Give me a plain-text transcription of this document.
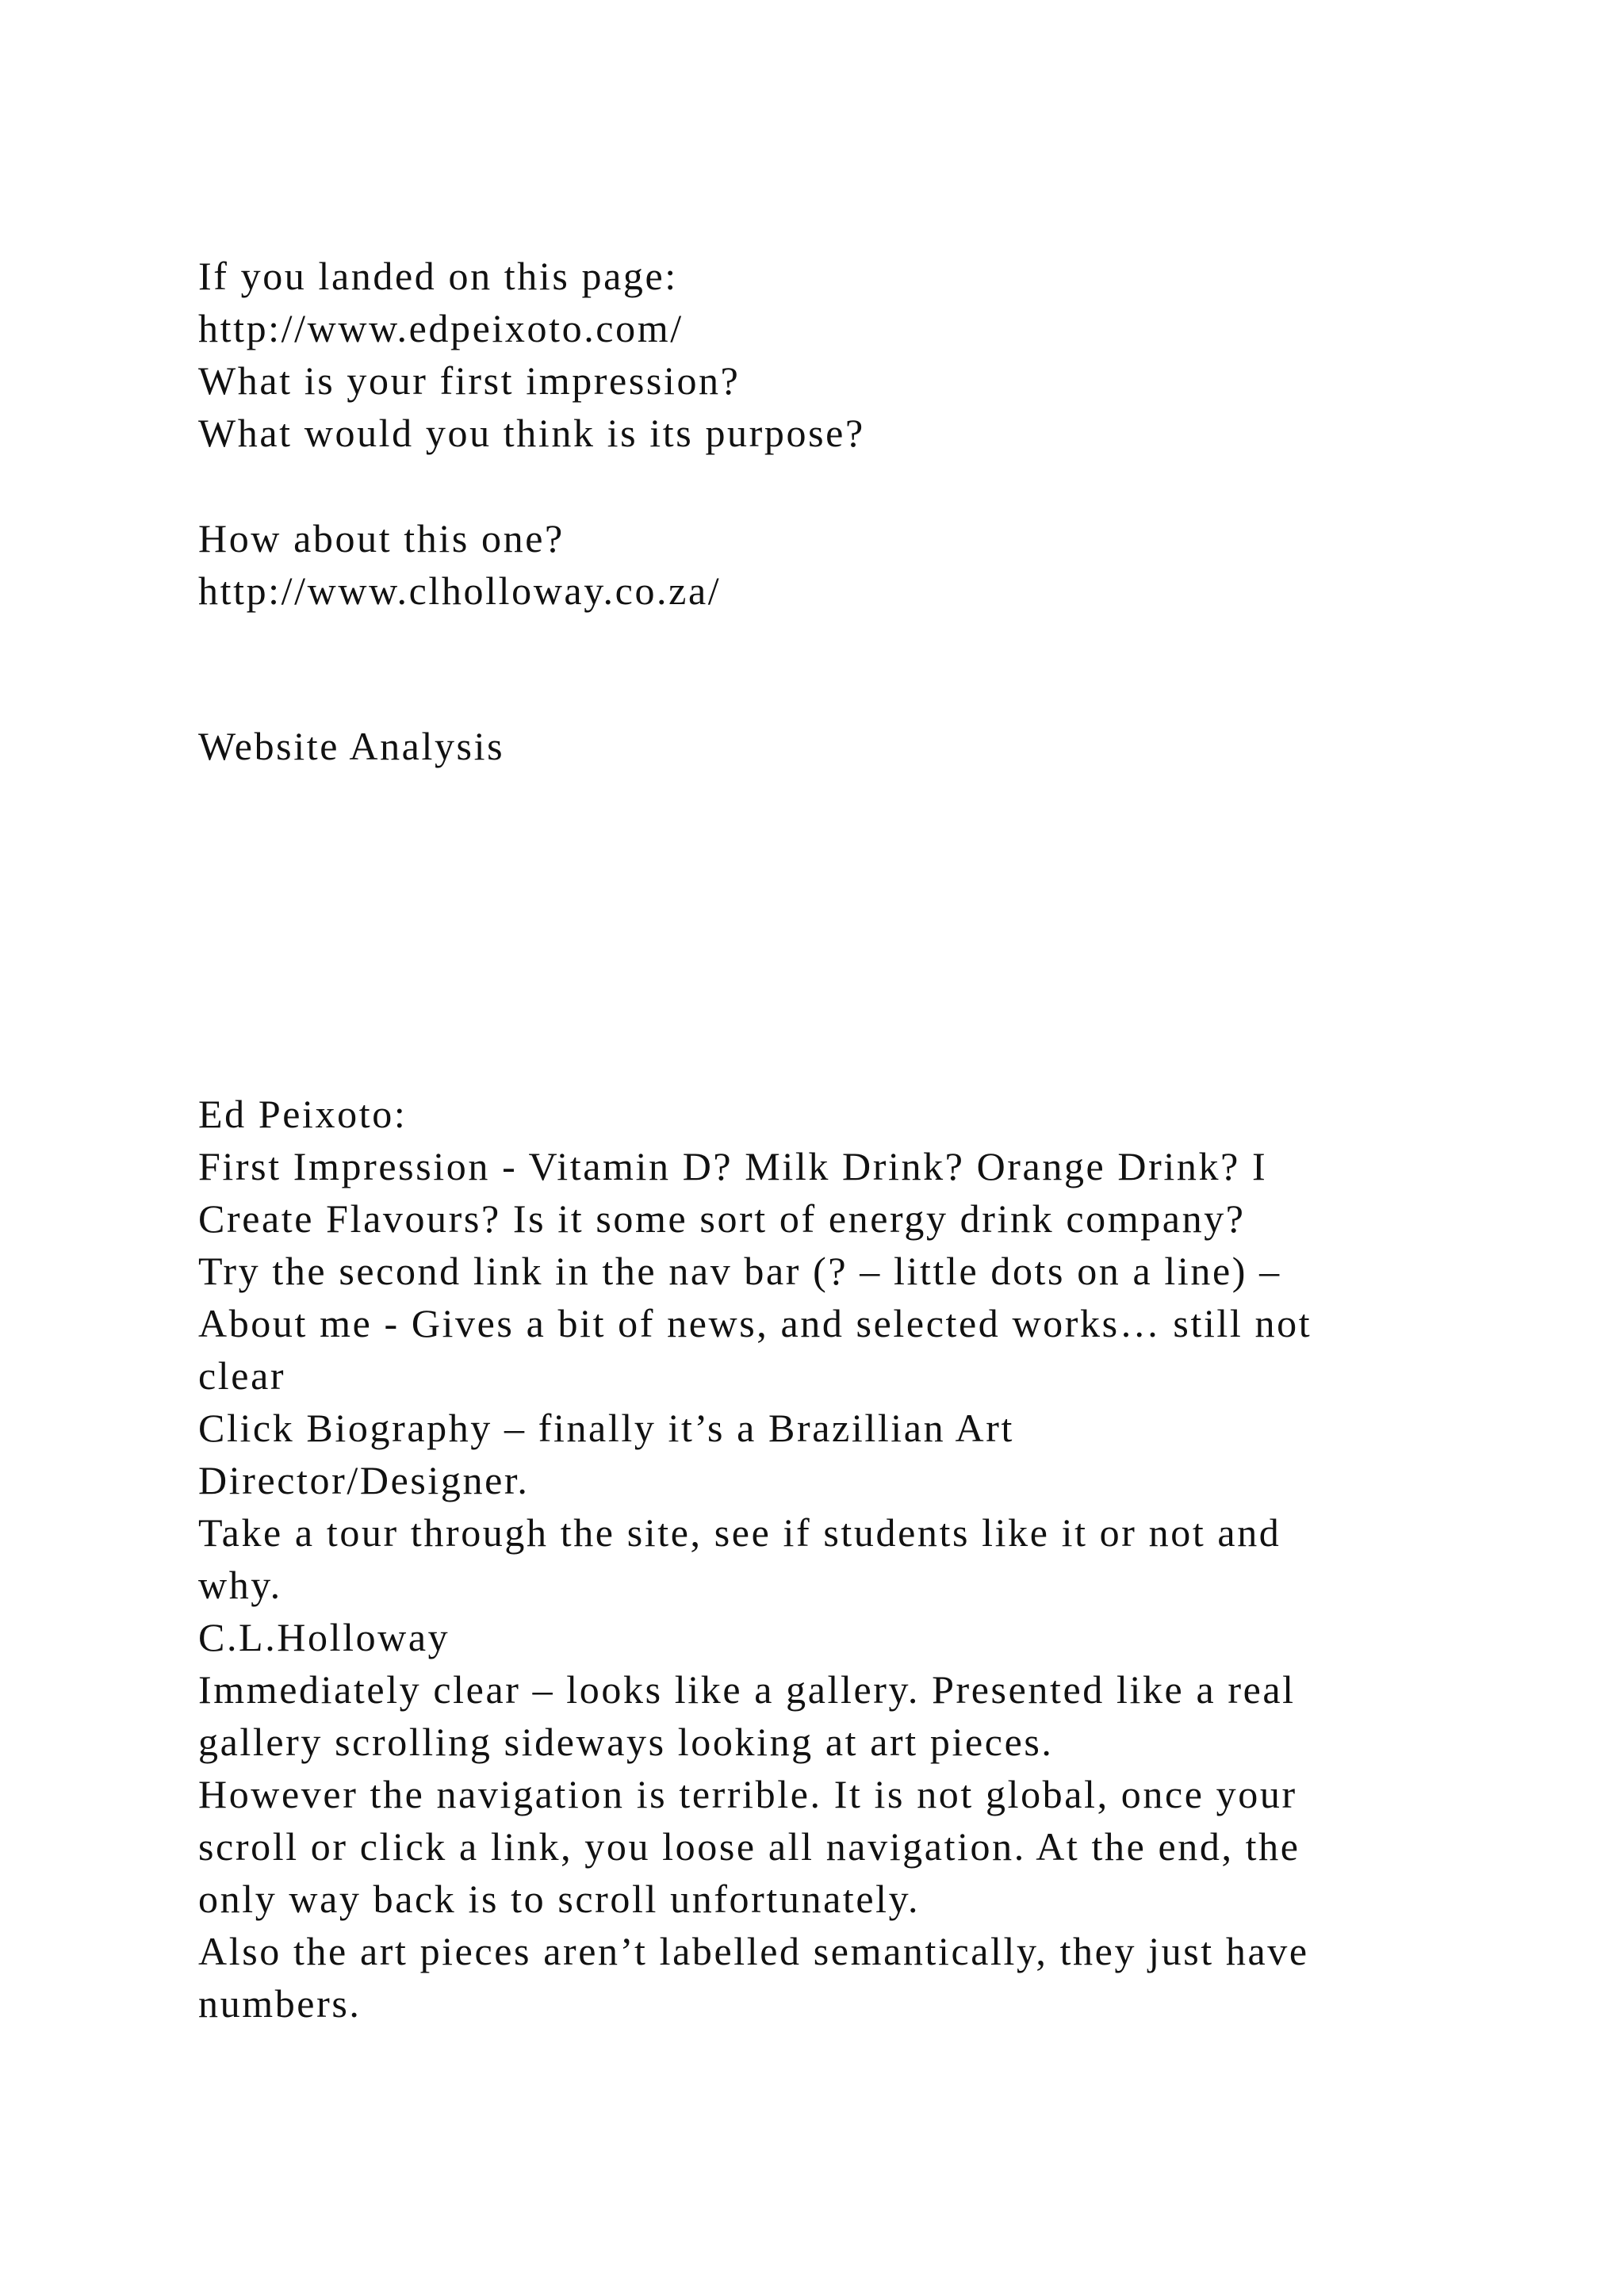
If you landed on this page:
http://www.edpeixoto.com/
What is your first impression?
What would you think is its purpose?
How about this one?
http://www.clholloway.co.za/
Website Analysis
Ed Peixoto:
First Impression - Vitamin D? Milk Drink? Orange Drink? I
Create Flavours? Is it some sort of energy drink company?
Try the second link in the nav bar (? – little dots on a line) –
About me - Gives a bit of news, and selected works… still not
clear
Click Biography – finally it’s a Brazillian Art
Director/Designer.
Take a tour through the site, see if students like it or not and
why.
C.L.Holloway
Immediately clear – looks like a gallery. Presented like a real
gallery scrolling sideways looking at art pieces.
However the navigation is terrible. It is not global, once your
scroll or click a link, you loose all navigation. At the end, the
only way back is to scroll unfortunately.
Also the art pieces aren’t labelled semantically, they just have
numbers.
